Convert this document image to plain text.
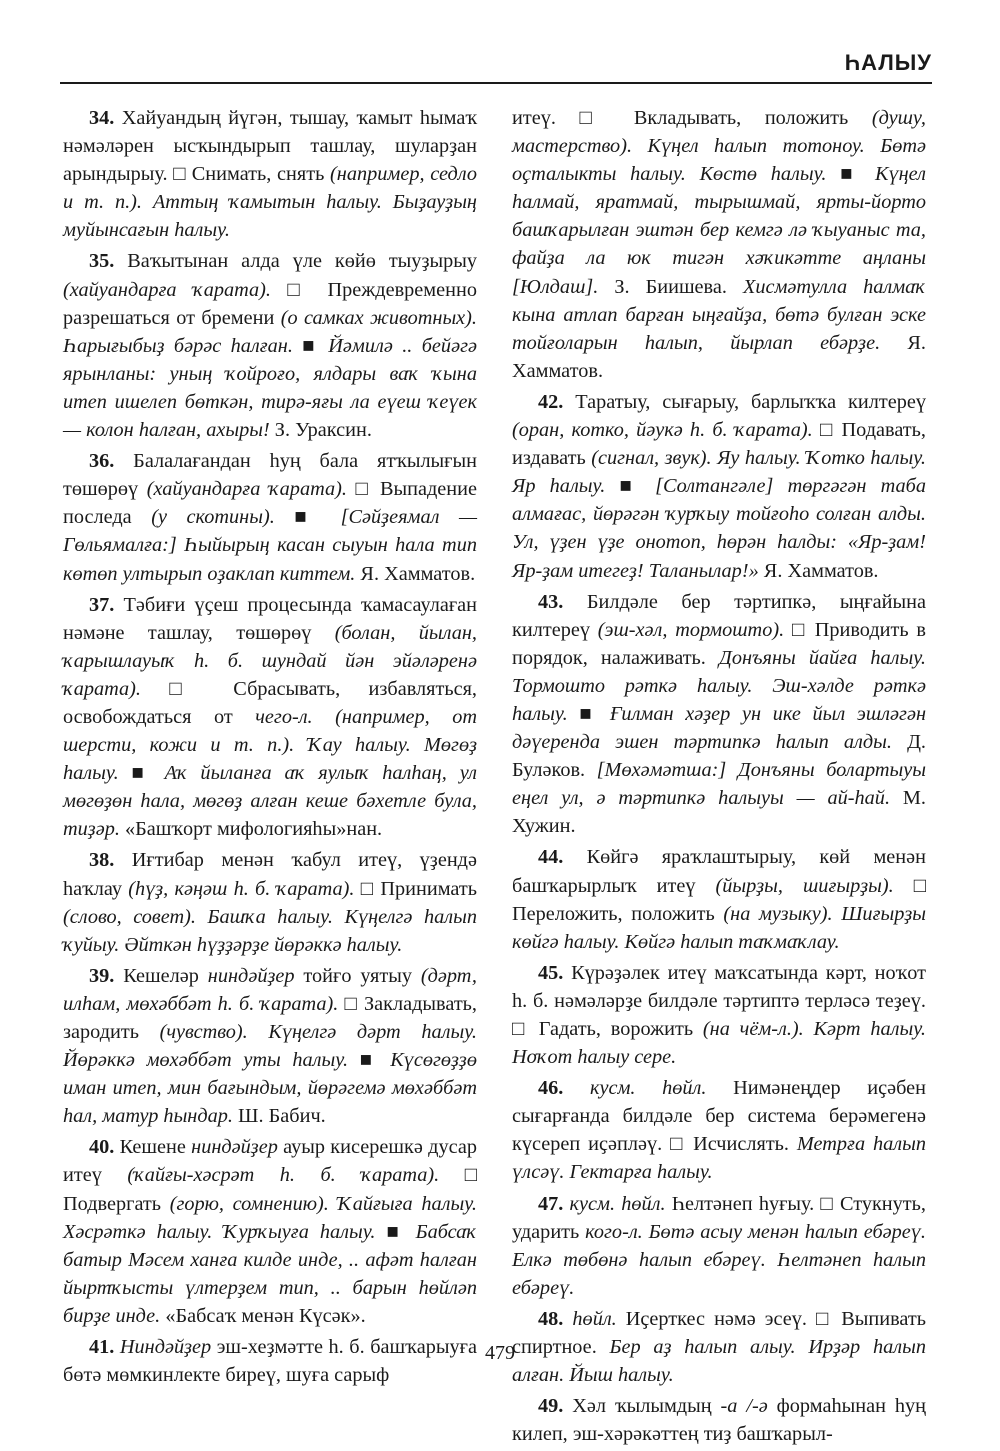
ҺАЛЫУ

34. Хайуандың йүгән, тышау, ҡамыт һымаҡ нәмәләрен ысҡындырып ташлау, шуларҙан арындырыу. □ Снимать, снять (например, седло и т. п.). Аттың ҡамытын һалыу. Быҙауҙың муйынсағын һалыу.

35. Ваҡытынан алда үле көйө тыуҙырыу (хайуандарға ҡарата). □ Преждевременно разрешаться от бремени (о самках животных). Һарығыбыҙ бәрәс һалған. ■ Йәмилә .. бейәгә ярынланы: уның ҡойроғо, ялдары ваҡ ҡына итеп ишелеп бөткән, тирә-яғы ла еүеш ҡеүек — колон һалған, ахыры! З. Ураксин.

36. Балалағандан һуң бала ятҡылығын төшөрөү (хайуандарға ҡарата). □ Выпадение последа (у скотины). ■ [Сәйҙеямал — Гөльямалға:] Һыйырың касан сыуын һала тип көтөп ултырып оҙаклап киттем. Я. Хамматов.

37. Тәбиғи үҫеш процесында ҡамасаулаған нәмәне ташлау, төшөрөү (болан, йылан, ҡарышлауыҡ һ. б. шундай йән эйәләренә ҡарата). □ Сбрасывать, избавляться, освобождаться от чего-л. (например, от шерсти, кожи и т. п.). Ҡау һалыу. Мөгөҙ һалыу. ■ Аҡ йыланға аҡ яулыҡ һалһаң, ул мөгөҙөн һала, мөгөҙ алған кеше бәхетле була, тиҙәр. «Башҡорт мифологияһы»нан.

38. Иғтибар менән ҡабул итеү, үҙендә һаҡлау (һүҙ, кәңәш һ. б. ҡарата). □ Принимать (слово, совет). Башҡа һалыу. Күңелгә һалып ҡуйыу. Әйткән һүҙҙәрҙе йөрәккә һалыу.

39. Кешеләр ниндәйҙер тойғо уятыу (дәрт, илһам, мөхәббәт һ. б. ҡарата). □ Закладывать, зародить (чувство). Күңелгә дәрт һалыу. Йөрәккә мөхәббәт уты һалыу. ■ Күсөгөҙҙө иман итеп, мин бағындым, йөрәгемә мөхәббәт һал, матур һындар. Ш. Бабич.

40. Кешене ниндәйҙер ауыр кисерешкә дусар итеү (ҡайғы-хәсрәт һ. б. ҡарата). □ Подвергать (горю, сомнению). Ҡайғыға һалыу. Хәсрәткә һалыу. Ҡурҡыуға һалыу. ■ Бабсаҡ батыр Мәсем ханға килде инде, .. афәт һалған йыртҡысты үлтерҙем тип, .. барын һөйләп бирҙе инде. «Бабсаҡ менән Күсәк».

41. Ниндәйҙер эш-хеҙмәтте һ. б. башҡарыуға бөтә мөмкинлекте биреү, шуға сарыф

итеү. □ Вкладывать, положить (душу, мастерство). Күңел һалып тотоноу. Бөтә оҫталыкты һалыу. Көстө һалыу. ■ Күңел һалмай, яратмай, тырышмай, ярты-йорто башҡарылған эштән бер кемгә лә ҡыуаныс та, файҙа ла юк тигән хәҡикәтте аңланы [Юлдаш]. З. Биишева. Хисмәтулла һалмаҡ кына атлап барған ыңғайҙа, бөтә булған эске тойғоларын һалып, йырлап ебәрҙе. Я. Хамматов.

42. Таратыу, сығарыу, барлыҡҡа килтереү (оран, котко, йәукә һ. б. ҡарата). □ Подавать, издавать (сигнал, звук). Яу һалыу. Ҡотко һалыу. Яр һалыу. ■ [Солтангәле] төргәгән таба алмағас, йөрәгән ҡурҡыу тойғоһо солған алды. Ул, үҙен үҙе онотоп, һөрән һалды: «Яр-ҙам! Яр-ҙам итегеҙ! Таланылар!» Я. Хамматов.

43. Билдәле бер тәртипкә, ыңғайына килтереү (эш-хәл, тормошто). □ Приводить в порядок, налаживать. Донъяны йайға һалыу. Тормошто рәткә һалыу. Эш-хәлде рәткә һалыу. ■ Ғилман хәҙер ун ике йыл эшләгән дәүеренда эшен тәртипкә һалып алды. Д. Буләков. [Мөхәмәтша:] Донъяны болартыуы еңел ул, ә тәртипкә һалыуы — ай-һай. М. Хужин.

44. Көйгә ярaҡлаштырыу, көй менән башҡарырлыҡ итеү (йырҙы, шиғырҙы). □ Переложить, положить (на музыку). Шиғырҙы көйгә һалыу. Көйгә һалып таҡмаҡлау.

45. Күрәҙәлек итеү маҡсатында кәрт, ноҡот һ. б. нәмәләрҙе билдәле тәртиптә терләсә теҙеү. □ Гадать, ворожить (на чём-л.). Кәрт һалыу. Ноҡот һалыу сере.

46. кусм. һөйл. Нимәнеңдер иҫәбен сығарғанда билдәле бер система берәмегенә күсереп иҫәпләү. □ Исчислять. Метрға һалып үлсәү. Гектарға һалыу.

47. кусм. һөйл. Һелтәнеп һуғыу. □ Стукнуть, ударить кого-л. Бөтә асыу менән һалып ебәреү. Елкә төбөнә һалып ебәреү. Һелтәнеп һалып ебәреү.

48. һөйл. Иҫерткес нәмә эсеү. □ Выпивать спиртное. Бер аҙ һалып алыу. Ирҙәр һалып алған. Йыш һалыу.

49. Хәл ҡылымдың -а /-ә формаһынан һуң килеп, эш-хәрәкәттең тиҙ башҡарыл-

479
